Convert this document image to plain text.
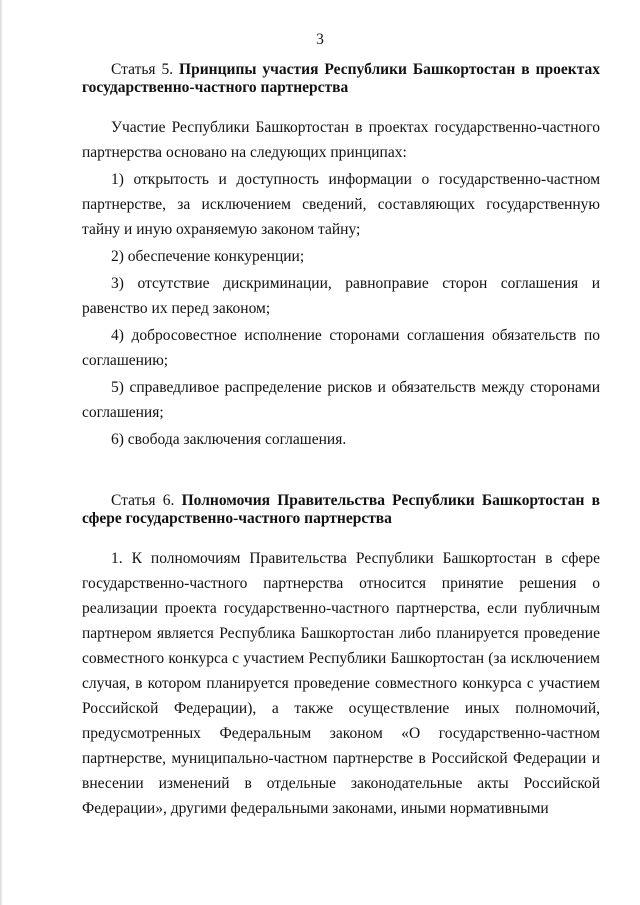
3

Статья 5. Принципы участия Республики Башкортостан в проектах государственно-частного партнерства

Участие Республики Башкортостан в проектах государственно-частного партнерства основано на следующих принципах:

1) открытость и доступность информации о государственно-частном партнерстве, за исключением сведений, составляющих государственную тайну и иную охраняемую законом тайну;

2) обеспечение конкуренции;

3) отсутствие дискриминации, равноправие сторон соглашения и равенство их перед законом;

4) добросовестное исполнение сторонами соглашения обязательств по соглашению;

5) справедливое распределение рисков и обязательств между сторонами соглашения;

6) свобода заключения соглашения.

Статья 6. Полномочия Правительства Республики Башкортостан в сфере государственно-частного партнерства

1. К полномочиям Правительства Республики Башкортостан в сфере государственно-частного партнерства относится принятие решения о реализации проекта государственно-частного партнерства, если публичным партнером является Республика Башкортостан либо планируется проведение совместного конкурса с участием Республики Башкортостан (за исключением случая, в котором планируется проведение совместного конкурса с участием Российской Федерации), а также осуществление иных полномочий, предусмотренных Федеральным законом «О государственно-частном партнерстве, муниципально-частном партнерстве в Российской Федерации и внесении изменений в отдельные законодательные акты Российской Федерации», другими федеральными законами, иными нормативными
